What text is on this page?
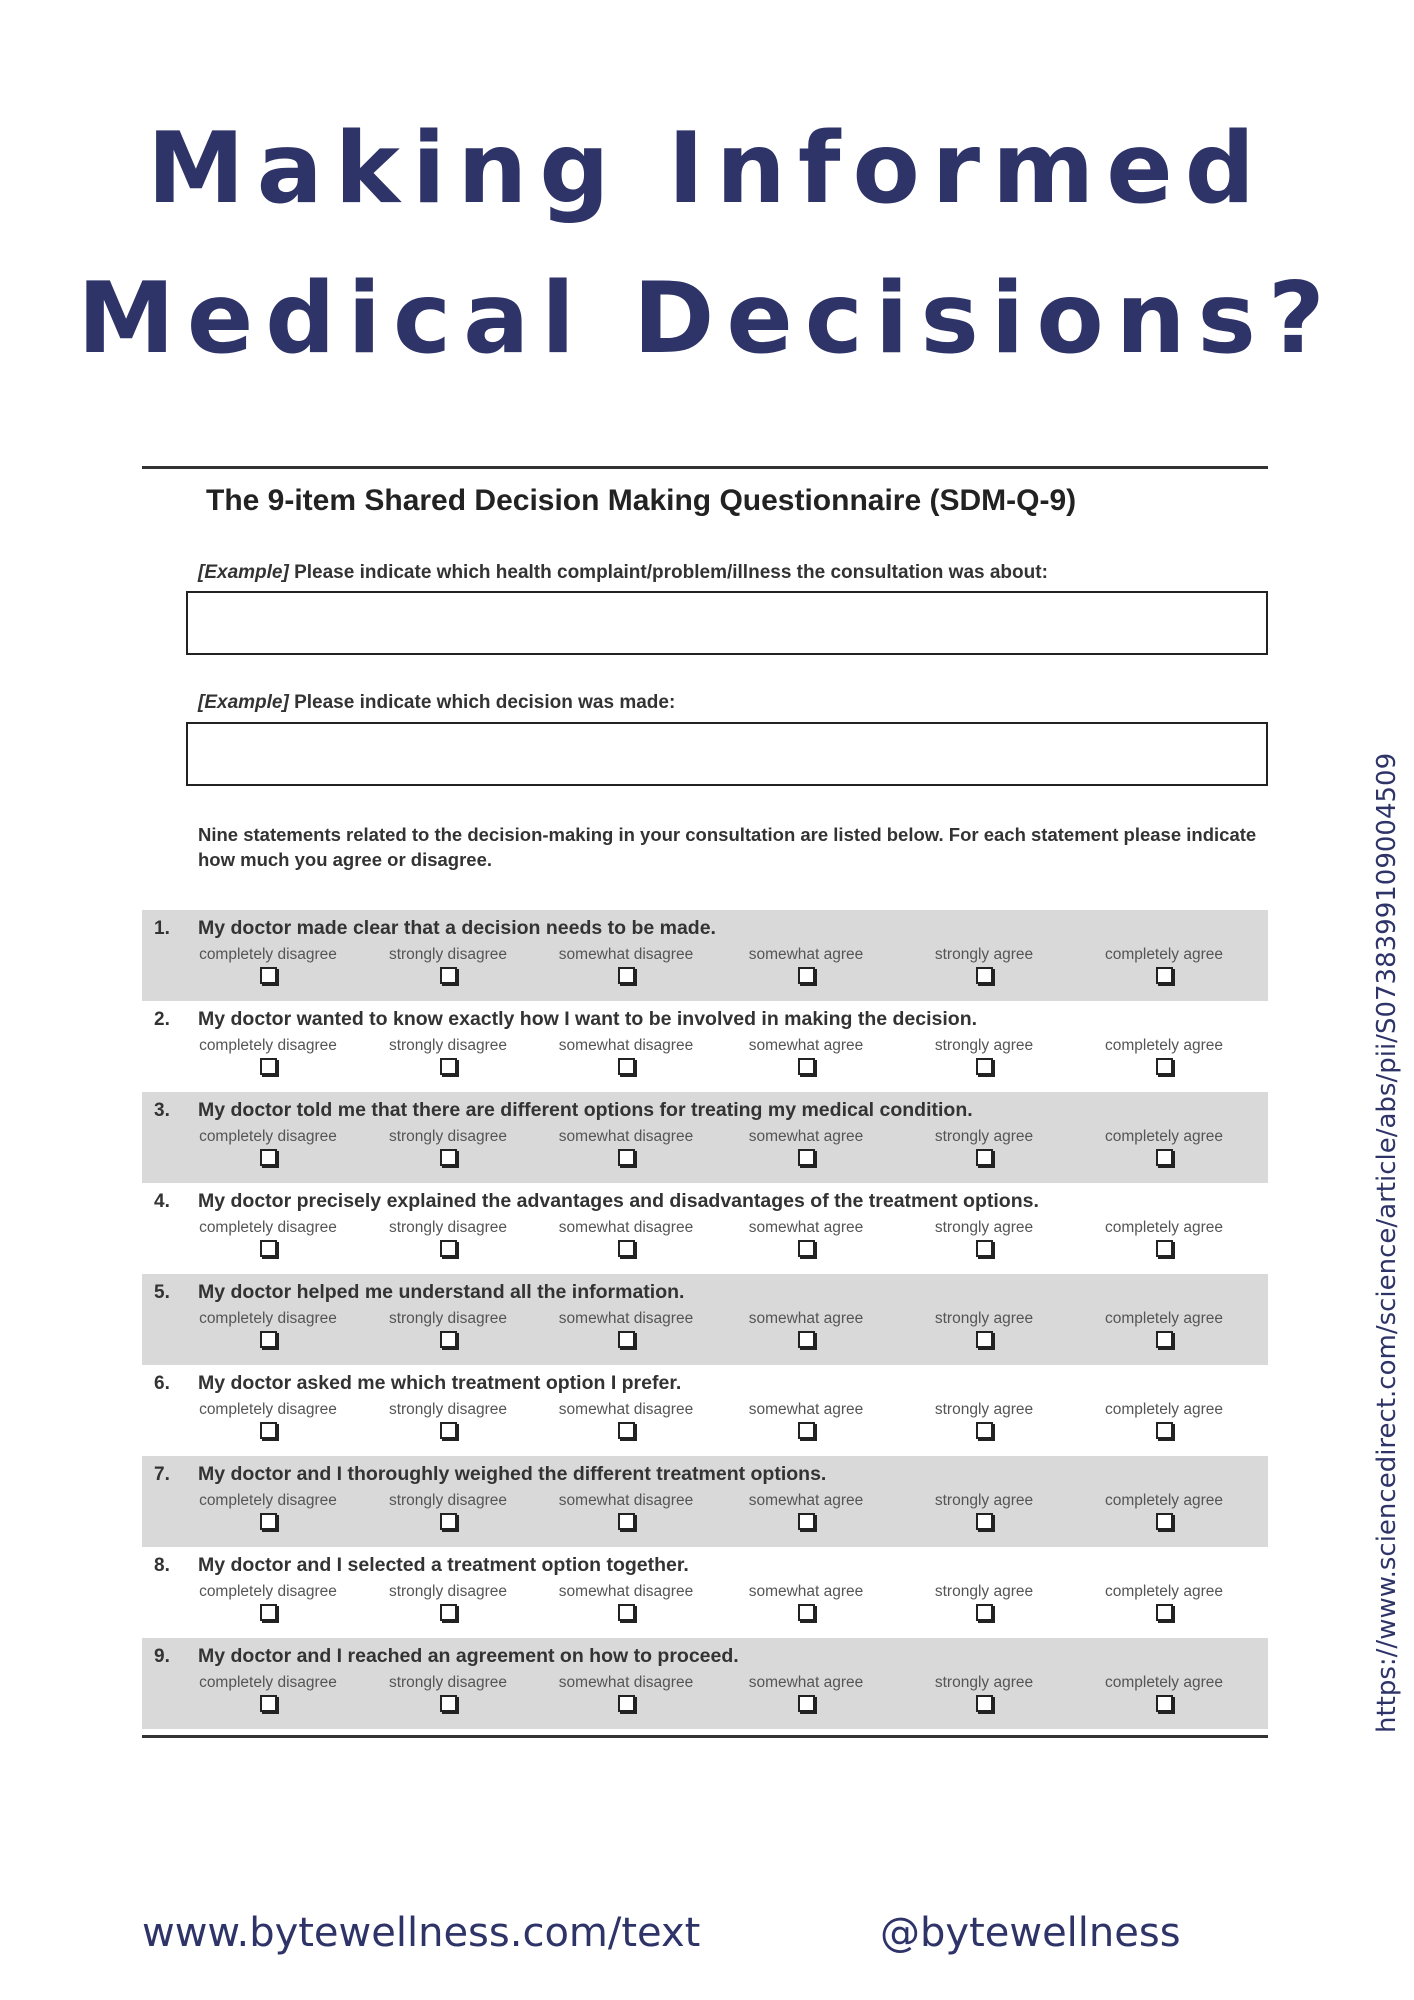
Making Informed
Medical Decisions?
The 9-item Shared Decision Making Questionnaire (SDM-Q-9)
[Example] Please indicate which health complaint/problem/illness the consultation was about:
[Example] Please indicate which decision was made:

Nine statements related to the decision-making in your consultation are listed below. For each statement please indicate how much you agree or disagree.

1. My doctor made clear that a decision needs to be made.
completely disagree	strongly disagree	somewhat disagree	somewhat agree	strongly agree	completely agree
2. My doctor wanted to know exactly how I want to be involved in making the decision.
completely disagree	strongly disagree	somewhat disagree	somewhat agree	strongly agree	completely agree
3. My doctor told me that there are different options for treating my medical condition.
completely disagree	strongly disagree	somewhat disagree	somewhat agree	strongly agree	completely agree
4. My doctor precisely explained the advantages and disadvantages of the treatment options.
completely disagree	strongly disagree	somewhat disagree	somewhat agree	strongly agree	completely agree
5. My doctor helped me understand all the information.
completely disagree	strongly disagree	somewhat disagree	somewhat agree	strongly agree	completely agree
6. My doctor asked me which treatment option I prefer.
completely disagree	strongly disagree	somewhat disagree	somewhat agree	strongly agree	completely agree
7. My doctor and I thoroughly weighed the different treatment options.
completely disagree	strongly disagree	somewhat disagree	somewhat agree	strongly agree	completely agree
8. My doctor and I selected a treatment option together.
completely disagree	strongly disagree	somewhat disagree	somewhat agree	strongly agree	completely agree
9. My doctor and I reached an agreement on how to proceed.
completely disagree	strongly disagree	somewhat disagree	somewhat agree	strongly agree	completely agree	https://www.sciencedirect.com/science/article/abs/pii/S0738399109004509
www.bytewellness.com/text	@bytewellness
